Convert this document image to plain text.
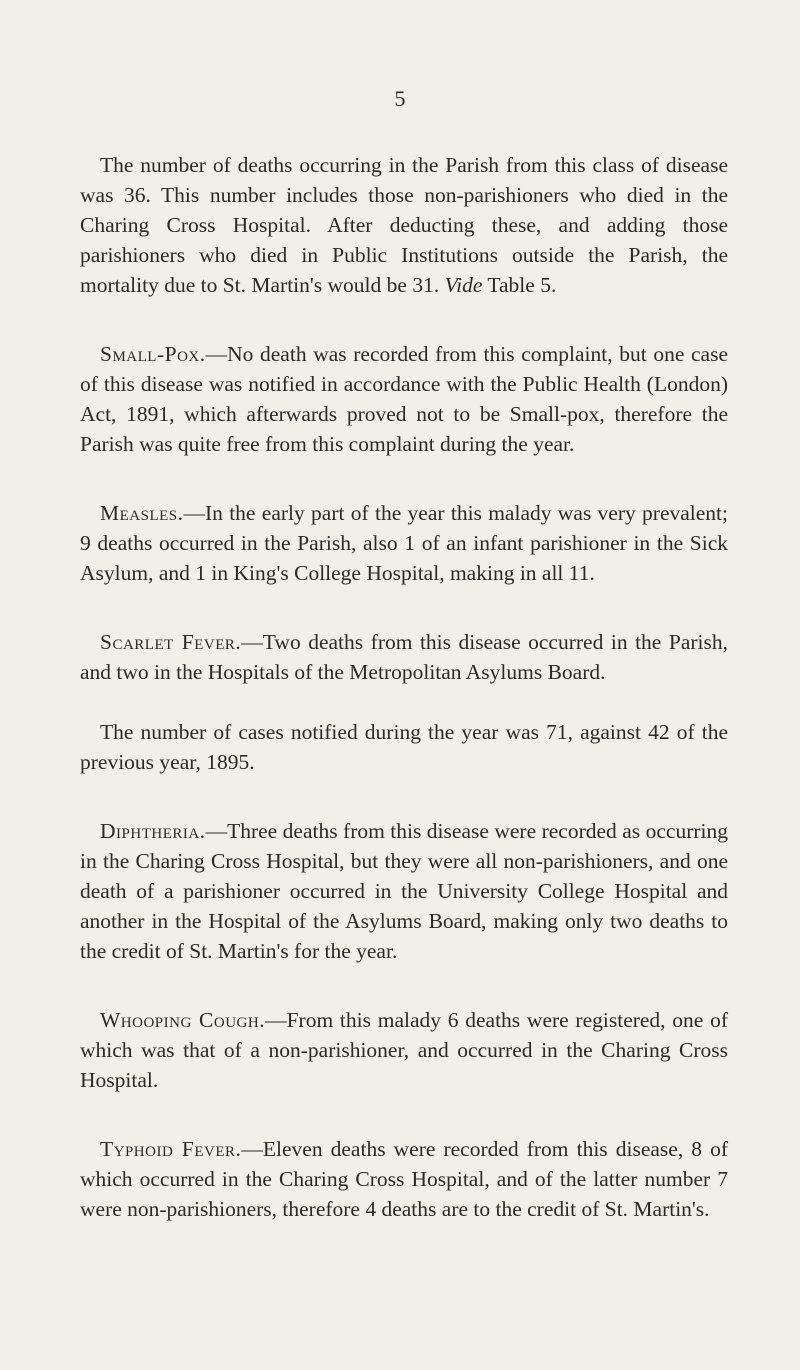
5

The number of deaths occurring in the Parish from this class of disease was 36. This number includes those non-parishioners who died in the Charing Cross Hospital. After deducting these, and adding those parishioners who died in Public Institutions outside the Parish, the mortality due to St. Martin's would be 31. Vide Table 5.

Small-Pox.—No death was recorded from this complaint, but one case of this disease was notified in accordance with the Public Health (London) Act, 1891, which afterwards proved not to be Small-pox, therefore the Parish was quite free from this complaint during the year.

Measles.—In the early part of the year this malady was very prevalent; 9 deaths occurred in the Parish, also 1 of an infant parishioner in the Sick Asylum, and 1 in King's College Hospital, making in all 11.

Scarlet Fever.—Two deaths from this disease occurred in the Parish, and two in the Hospitals of the Metropolitan Asylums Board.

The number of cases notified during the year was 71, against 42 of the previous year, 1895.

Diphtheria.—Three deaths from this disease were recorded as occurring in the Charing Cross Hospital, but they were all non-parishioners, and one death of a parishioner occurred in the University College Hospital and another in the Hospital of the Asylums Board, making only two deaths to the credit of St. Martin's for the year.

Whooping Cough.—From this malady 6 deaths were registered, one of which was that of a non-parishioner, and occurred in the Charing Cross Hospital.

Typhoid Fever.—Eleven deaths were recorded from this disease, 8 of which occurred in the Charing Cross Hospital, and of the latter number 7 were non-parishioners, therefore 4 deaths are to the credit of St. Martin's.
